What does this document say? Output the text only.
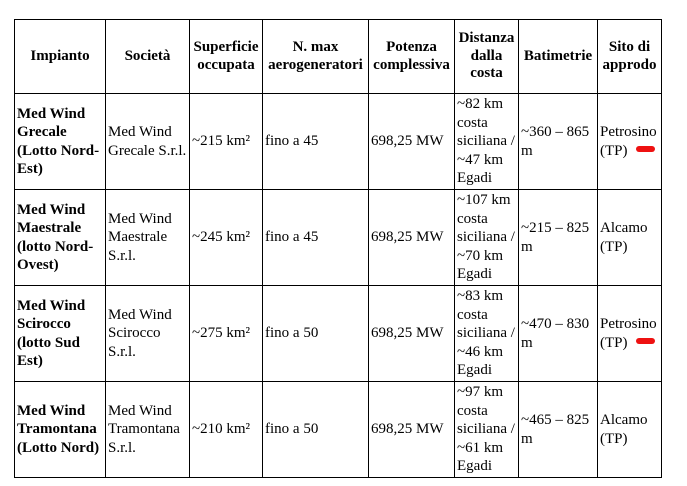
Impianto	Società	Superficie occupata	N. max aerogeneratori	Potenza complessiva	Distanza dalla costa	Batimetrie	Sito di approdo
Med Wind Grecale (Lotto Nord-Est)	Med Wind Grecale S.r.l.	~215 km²	fino a 45	698,25 MW	~82 km costa siciliana / ~47 km Egadi	~360 – 865 m	Petrosino (TP)
Med Wind Maestrale (lotto Nord-Ovest)	Med Wind Maestrale S.r.l.	~245 km²	fino a 45	698,25 MW	~107 km costa siciliana / ~70 km Egadi	~215 – 825 m	Alcamo (TP)
Med Wind Scirocco (lotto Sud Est)	Med Wind Scirocco S.r.l.	~275 km²	fino a 50	698,25 MW	~83 km costa siciliana / ~46 km Egadi	~470 – 830 m	Petrosino (TP)
Med Wind Tramontana (Lotto Nord)	Med Wind Tramontana S.r.l.	~210 km²	fino a 50	698,25 MW	~97 km costa siciliana / ~61 km Egadi	~465 – 825 m	Alcamo (TP)
